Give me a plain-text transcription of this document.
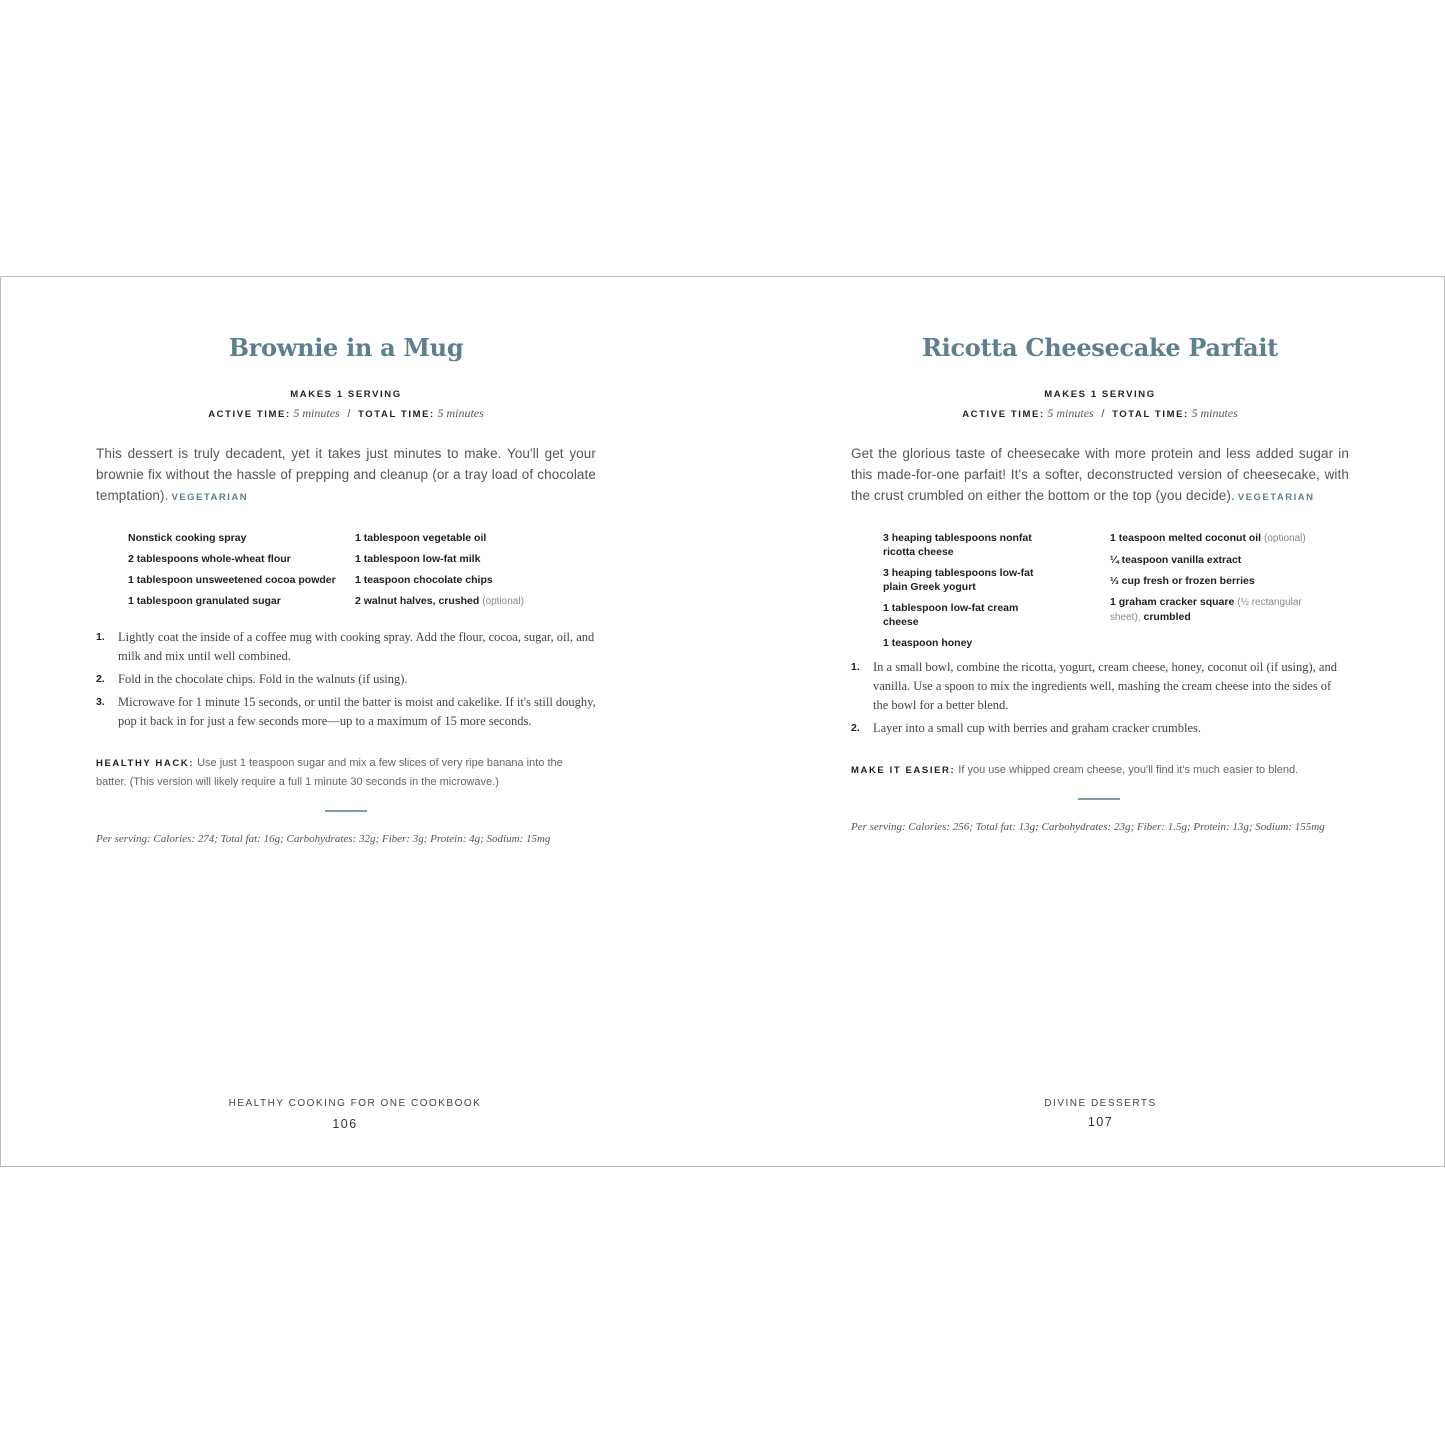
Brownie in a Mug
MAKES 1 SERVING
ACTIVE TIME: 5 minutes / TOTAL TIME: 5 minutes

This dessert is truly decadent, yet it takes just minutes to make. You'll get your brownie fix without the hassle of prepping and cleanup (or a tray load of chocolate temptation). VEGETARIAN

Nonstick cooking spray
2 tablespoons whole-wheat flour
1 tablespoon unsweetened cocoa powder
1 tablespoon granulated sugar
1 tablespoon vegetable oil
1 tablespoon low-fat milk
1 teaspoon chocolate chips
2 walnut halves, crushed (optional)
1. Lightly coat the inside of a coffee mug with cooking spray. Add the flour, cocoa, sugar, oil, and milk and mix until well combined.
2. Fold in the chocolate chips. Fold in the walnuts (if using).
3. Microwave for 1 minute 15 seconds, or until the batter is moist and cakelike. If it's still doughy, pop it back in for just a few seconds more—up to a maximum of 15 more seconds.

HEALTHY HACK: Use just 1 teaspoon sugar and mix a few slices of very ripe banana into the batter. (This version will likely require a full 1 minute 30 seconds in the microwave.)

Per serving: Calories: 274; Total fat: 16g; Carbohydrates: 32g; Fiber: 3g; Protein: 4g; Sodium: 15mg

HEALTHY COOKING FOR ONE COOKBOOK
106
Ricotta Cheesecake Parfait
MAKES 1 SERVING
ACTIVE TIME: 5 minutes / TOTAL TIME: 5 minutes

Get the glorious taste of cheesecake with more protein and less added sugar in this made-for-one parfait! It's a softer, deconstructed version of cheesecake, with the crust crumbled on either the bottom or the top (you decide). VEGETARIAN

3 heaping tablespoons nonfat ricotta cheese
3 heaping tablespoons low-fat plain Greek yogurt
1 tablespoon low-fat cream cheese
1 teaspoon honey
1 teaspoon melted coconut oil (optional)
¼ teaspoon vanilla extract
⅓ cup fresh or frozen berries
1 graham cracker square (½ rectangular sheet), crumbled
1. In a small bowl, combine the ricotta, yogurt, cream cheese, honey, coconut oil (if using), and vanilla. Use a spoon to mix the ingredients well, mashing the cream cheese into the sides of the bowl for a better blend.
2. Layer into a small cup with berries and graham cracker crumbles.

MAKE IT EASIER: If you use whipped cream cheese, you'll find it's much easier to blend.

Per serving: Calories: 256; Total fat: 13g; Carbohydrates: 23g; Fiber: 1.5g; Protein: 13g; Sodium: 155mg

DIVINE DESSERTS
107
